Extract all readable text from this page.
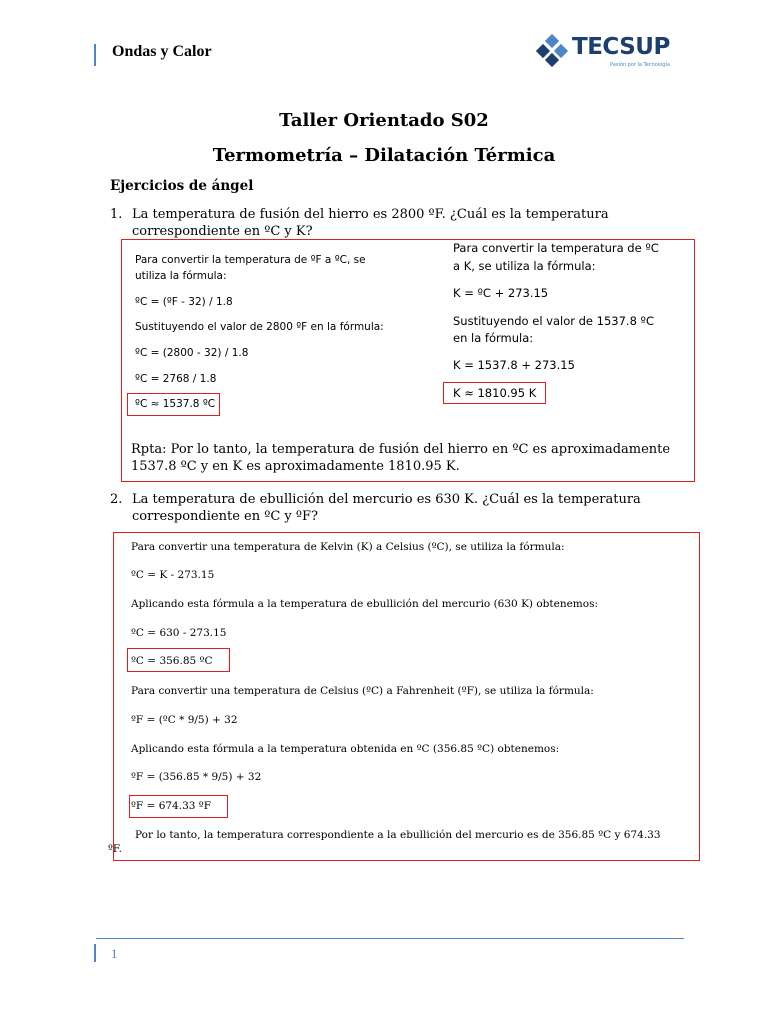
Ondas y Calor	TECSUP
Pasión por la Tecnología
Taller Orientado S02
Termometría – Dilatación Térmica
Ejercicios de ángel
1. La temperatura de fusión del hierro es 2800 ºF. ¿Cuál es la temperatura
correspondiente en ºC y K?
Para convertir la temperatura de ºF a ºC, se
utiliza la fórmula:
ºC = (ºF - 32) / 1.8
Sustituyendo el valor de 2800 ºF en la fórmula:
ºC = (2800 - 32) / 1.8
ºC = 2768 / 1.8
ºC ≈ 1537.8 ºC
Para convertir la temperatura de ºC
a K, se utiliza la fórmula:
K = ºC + 273.15
Sustituyendo el valor de 1537.8 ºC
en la fórmula:
K = 1537.8 + 273.15
K ≈ 1810.95 K
Rpta: Por lo tanto, la temperatura de fusión del hierro en ºC es aproximadamente
1537.8 ºC y en K es aproximadamente 1810.95 K.
2. La temperatura de ebullición del mercurio es 630 K. ¿Cuál es la temperatura
correspondiente en ºC y ºF?
Para convertir una temperatura de Kelvin (K) a Celsius (ºC), se utiliza la fórmula:
ºC = K - 273.15
Aplicando esta fórmula a la temperatura de ebullición del mercurio (630 K) obtenemos:
ºC = 630 - 273.15
ºC = 356.85 ºC
Para convertir una temperatura de Celsius (ºC) a Fahrenheit (ºF), se utiliza la fórmula:
ºF = (ºC * 9/5) + 32
Aplicando esta fórmula a la temperatura obtenida en ºC (356.85 ºC) obtenemos:
ºF = (356.85 * 9/5) + 32
ºF = 674.33 ºF
Por lo tanto, la temperatura correspondiente a la ebullición del mercurio es de 356.85 ºC y 674.33
ºF.
1
